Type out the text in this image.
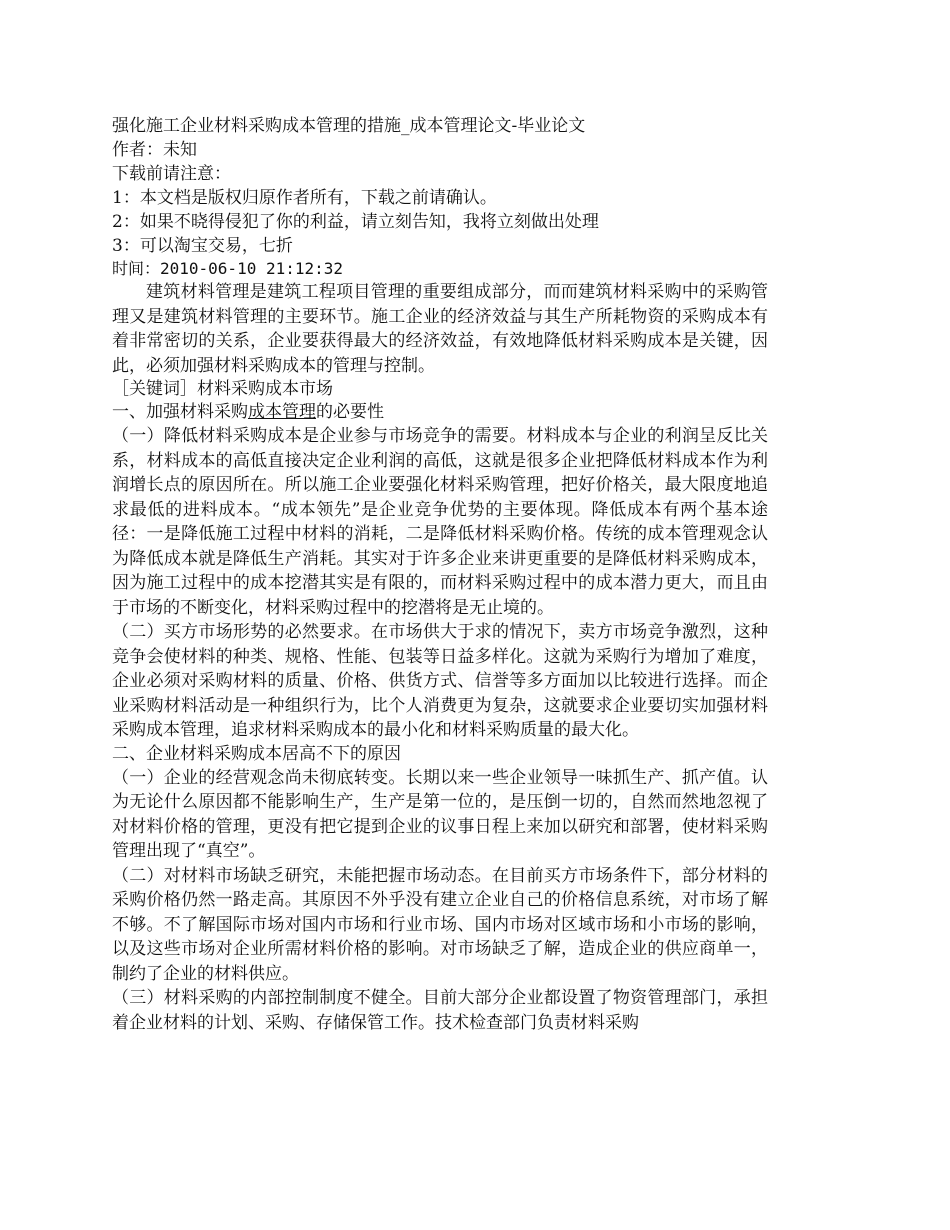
强化施工企业材料采购成本管理的措施_成本管理论文-毕业论文
作者：未知
下载前请注意：
1：本文档是版权归原作者所有，下载之前请确认。
2：如果不晓得侵犯了你的利益，请立刻告知，我将立刻做出处理
3：可以淘宝交易，七折
时间：2010-06-10 21:12:32

建筑材料管理是建筑工程项目管理的重要组成部分，而而建筑材料采购中的采购管理又是建筑材料管理的主要环节。施工企业的经济效益与其生产所耗物资的采购成本有着非常密切的关系，企业要获得最大的经济效益，有效地降低材料采购成本是关键，因此，必须加强材料采购成本的管理与控制。

［关键词］材料采购成本市场
一、加强材料采购成本管理的必要性

（一）降低材料采购成本是企业参与市场竞争的需要。材料成本与企业的利润呈反比关系，材料成本的高低直接决定企业利润的高低，这就是很多企业把降低材料成本作为利润增长点的原因所在。所以施工企业要强化材料采购管理，把好价格关，最大限度地追求最低的进料成本。“成本领先”是企业竞争优势的主要体现。降低成本有两个基本途径：一是降低施工过程中材料的消耗，二是降低材料采购价格。传统的成本管理观念认为降低成本就是降低生产消耗。其实对于许多企业来讲更重要的是降低材料采购成本，因为施工过程中的成本挖潜其实是有限的，而材料采购过程中的成本潜力更大，而且由于市场的不断变化，材料采购过程中的挖潜将是无止境的。

（二）买方市场形势的必然要求。在市场供大于求的情况下，卖方市场竞争激烈，这种竞争会使材料的种类、规格、性能、包装等日益多样化。这就为采购行为增加了难度，企业必须对采购材料的质量、价格、供货方式、信誉等多方面加以比较进行选择。而企业采购材料活动是一种组织行为，比个人消费更为复杂，这就要求企业要切实加强材料采购成本管理，追求材料采购成本的最小化和材料采购质量的最大化。

二、企业材料采购成本居高不下的原因

（一）企业的经营观念尚未彻底转变。长期以来一些企业领导一味抓生产、抓产值。认为无论什么原因都不能影响生产，生产是第一位的，是压倒一切的，自然而然地忽视了对材料价格的管理，更没有把它提到企业的议事日程上来加以研究和部署，使材料采购管理出现了“真空”。

（二）对材料市场缺乏研究，未能把握市场动态。在目前买方市场条件下，部分材料的采购价格仍然一路走高。其原因不外乎没有建立企业自己的价格信息系统，对市场了解不够。不了解国际市场对国内市场和行业市场、国内市场对区域市场和小市场的影响，以及这些市场对企业所需材料价格的影响。对市场缺乏了解，造成企业的供应商单一，制约了企业的材料供应。

（三）材料采购的内部控制制度不健全。目前大部分企业都设置了物资管理部门，承担着企业材料的计划、采购、存储保管工作。技术检查部门负责材料采购
